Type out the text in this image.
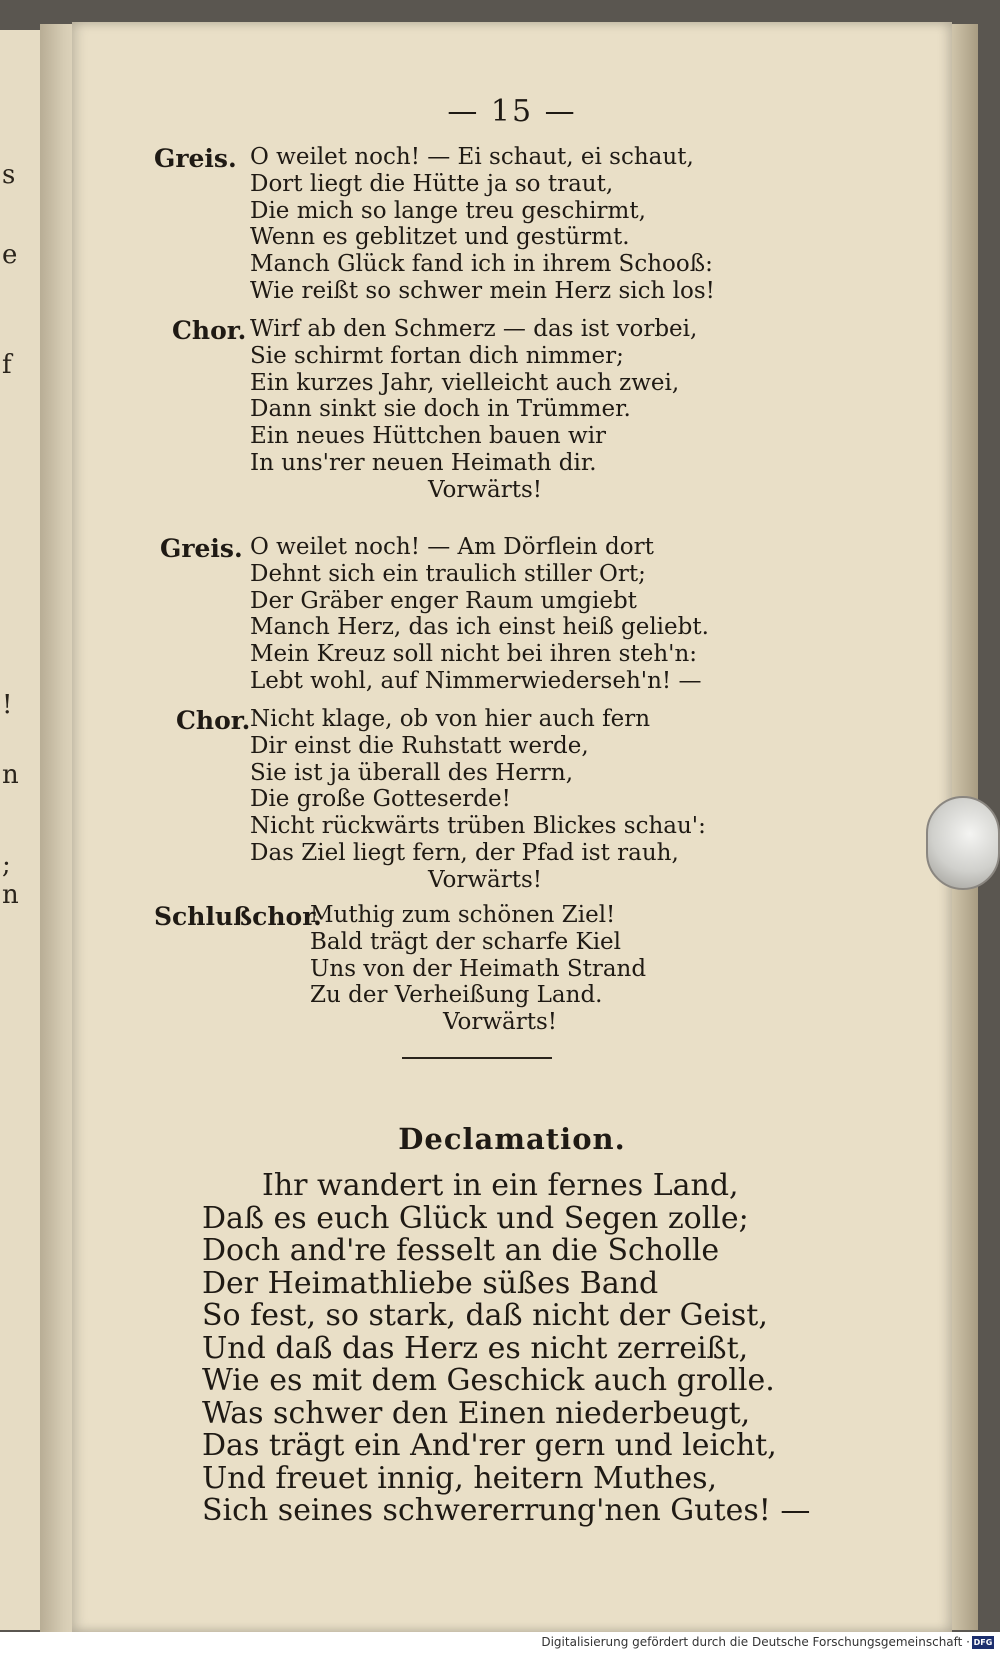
s
e
f
!
n
;
n
— 15 —
Greis. O weilet noch! — Ei schaut, ei schaut,
Dort liegt die Hütte ja so traut,
Die mich so lange treu geschirmt,
Wenn es geblitzet und gestürmt.
Manch Glück fand ich in ihrem Schooß:
Wie reißt so schwer mein Herz sich los!
Chor. Wirf ab den Schmerz — das ist vorbei,
Sie schirmt fortan dich nimmer;
Ein kurzes Jahr, vielleicht auch zwei,
Dann sinkt sie doch in Trümmer.
Ein neues Hüttchen bauen wir
In uns'rer neuen Heimath dir.
Vorwärts!
Greis. O weilet noch! — Am Dörflein dort
Dehnt sich ein traulich stiller Ort;
Der Gräber enger Raum umgiebt
Manch Herz, das ich einst heiß geliebt.
Mein Kreuz soll nicht bei ihren steh'n:
Lebt wohl, auf Nimmerwiederseh'n! —
Chor. Nicht klage, ob von hier auch fern
Dir einst die Ruhstatt werde,
Sie ist ja überall des Herrn,
Die große Gotteserde!
Nicht rückwärts trüben Blickes schau':
Das Ziel liegt fern, der Pfad ist rauh,
Vorwärts!
Schlußchor.
Muthig zum schönen Ziel!
Bald trägt der scharfe Kiel
Uns von der Heimath Strand
Zu der Verheißung Land.
Vorwärts!
Declamation.
Ihr wandert in ein fernes Land,
Daß es euch Glück und Segen zolle;
Doch and're fesselt an die Scholle
Der Heimathliebe süßes Band
So fest, so stark, daß nicht der Geist,
Und daß das Herz es nicht zerreißt,
Wie es mit dem Geschick auch grolle.
Was schwer den Einen niederbeugt,
Das trägt ein And'rer gern und leicht,
Und freuet innig, heitern Muthes,
Sich seines schwererrung'nen Gutes! —
Digitalisierung gefördert durch die Deutsche Forschungsgemeinschaft · DFG
